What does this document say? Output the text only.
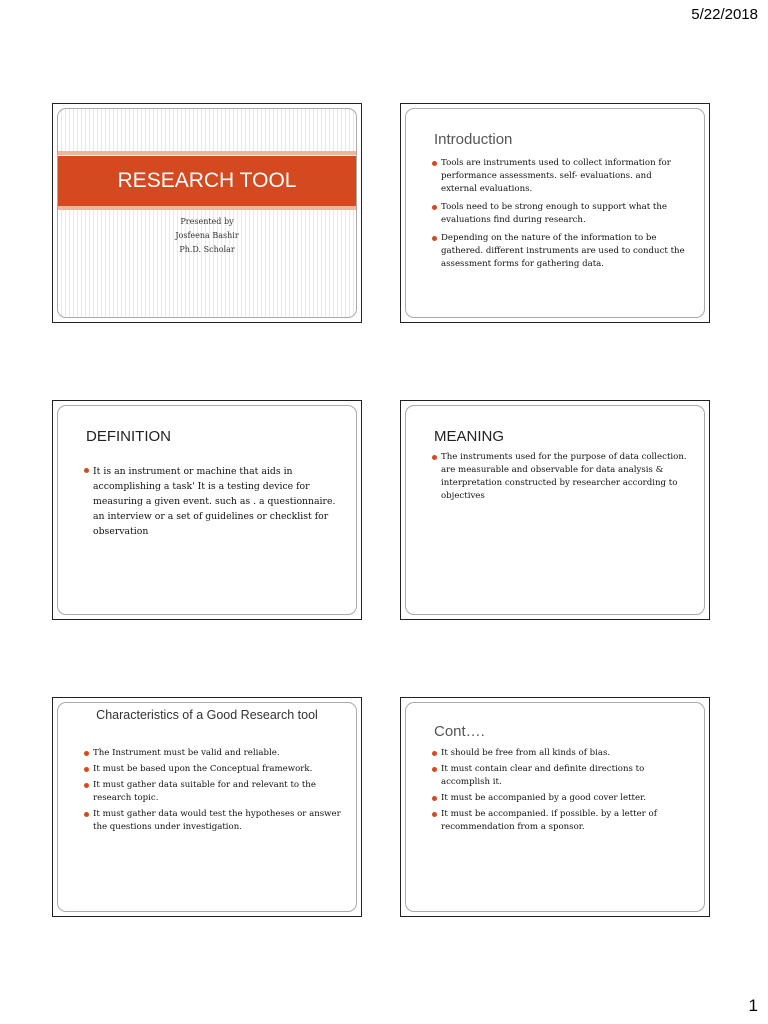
5/22/2018
RESEARCH TOOL
Presented by
Josfeena Bashir
Ph.D. Scholar
Introduction
Tools are instruments used to collect information for performance assessments. self- evaluations. and external evaluations.
Tools need to be strong enough to support what the evaluations find during research.
Depending on the nature of the information to be gathered. different instruments are used to conduct the assessment forms for gathering data.
DEFINITION
It is an instrument or machine that aids in accomplishing a task' It is a testing device for measuring a given event. such as . a questionnaire. an interview or a set of guidelines or checklist for observation
MEANING
The instruments used for the purpose of data collection. are measurable and observable for data analysis & interpretation constructed by researcher according to objectives
Characteristics of a Good Research tool
The Instrument must be valid and reliable.
It must be based upon the Conceptual framework.
It must gather data suitable for and relevant to the research topic.
It must gather data would test the hypotheses or answer the questions under investigation.
Cont….
It should be free from all kinds of bias.
It must contain clear and definite directions to accomplish it.
It must be accompanied by a good cover letter.
It must be accompanied. if possible. by a letter of recommendation from a sponsor.
1
